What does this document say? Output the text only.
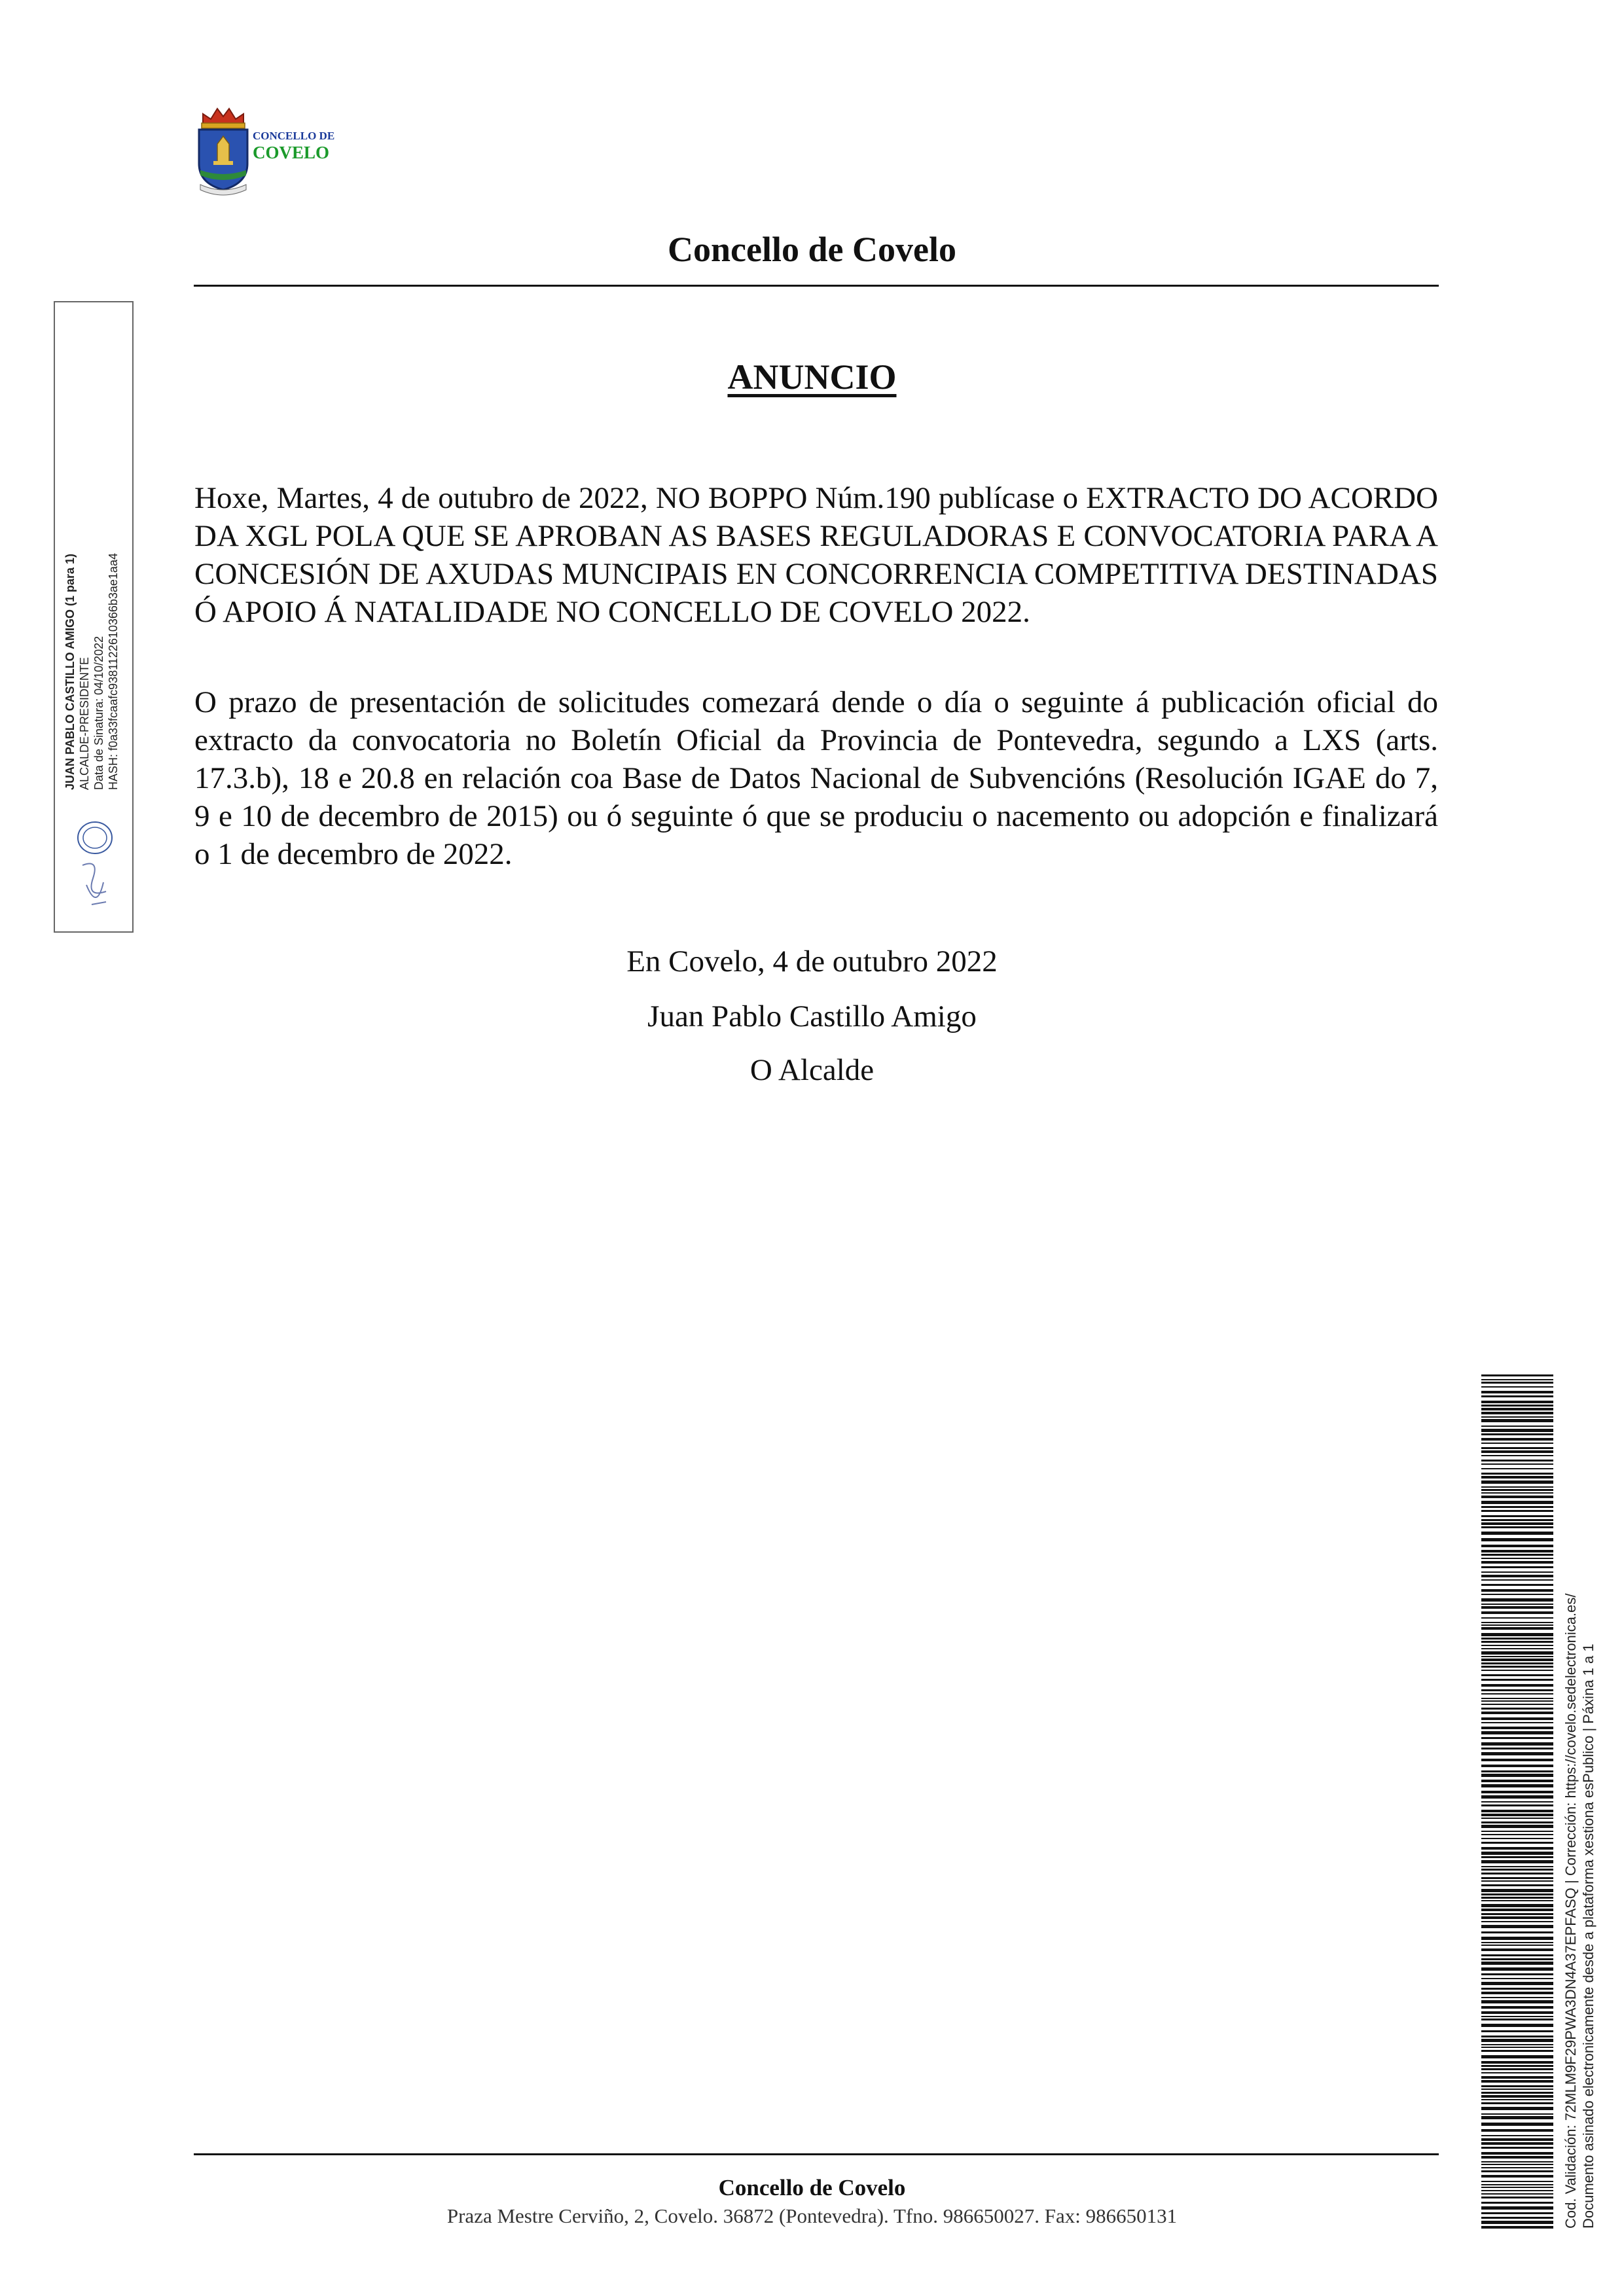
CONCELLO DE
COVELO
Concello de Covelo
ANUNCIO
Hoxe, Martes, 4 de outubro de 2022, NO BOPPO Núm.190 publícase o EXTRACTO DO ACORDO DA XGL POLA QUE SE APROBAN AS BASES REGULADORAS E CONVOCATORIA PARA A CONCESIÓN DE AXUDAS MUNCIPAIS EN CONCORRENCIA COMPETITIVA DESTINADAS Ó APOIO Á NATALIDADE NO CONCELLO DE COVELO 2022.
O prazo de presentación de solicitudes comezará dende o día o seguinte á publicación oficial do extracto da convocatoria no Boletín Oficial da Provincia de Pontevedra, segundo a LXS (arts. 17.3.b), 18 e 20.8 en relación coa Base de Datos Nacional de Subvencións (Resolución IGAE do 7, 9 e 10 de decembro de 2015) ou ó seguinte ó que se produciu o nacemento ou adopción e finalizará o 1 de decembro de 2022.
En Covelo, 4 de outubro 2022
Juan Pablo Castillo Amigo
O Alcalde
JUAN PABLO CASTILLO AMIGO (1 para 1) ALCALDE-PRESIDENTE Data de Sinatura: 04/10/2022 HASH: f0a33fcaafc9381122610366b3ae1aa4
Cod. Validación: 72MLM9F29PWA3DN4A37EPFASQ | Corrección: https://covelo.sedelectronica.es/ Documento asinado electronicamente desde a plataforma xestiona esPublico | Páxina 1 a 1
Concello de Covelo
Praza Mestre Cerviño, 2, Covelo. 36872 (Pontevedra). Tfno. 986650027. Fax: 986650131
